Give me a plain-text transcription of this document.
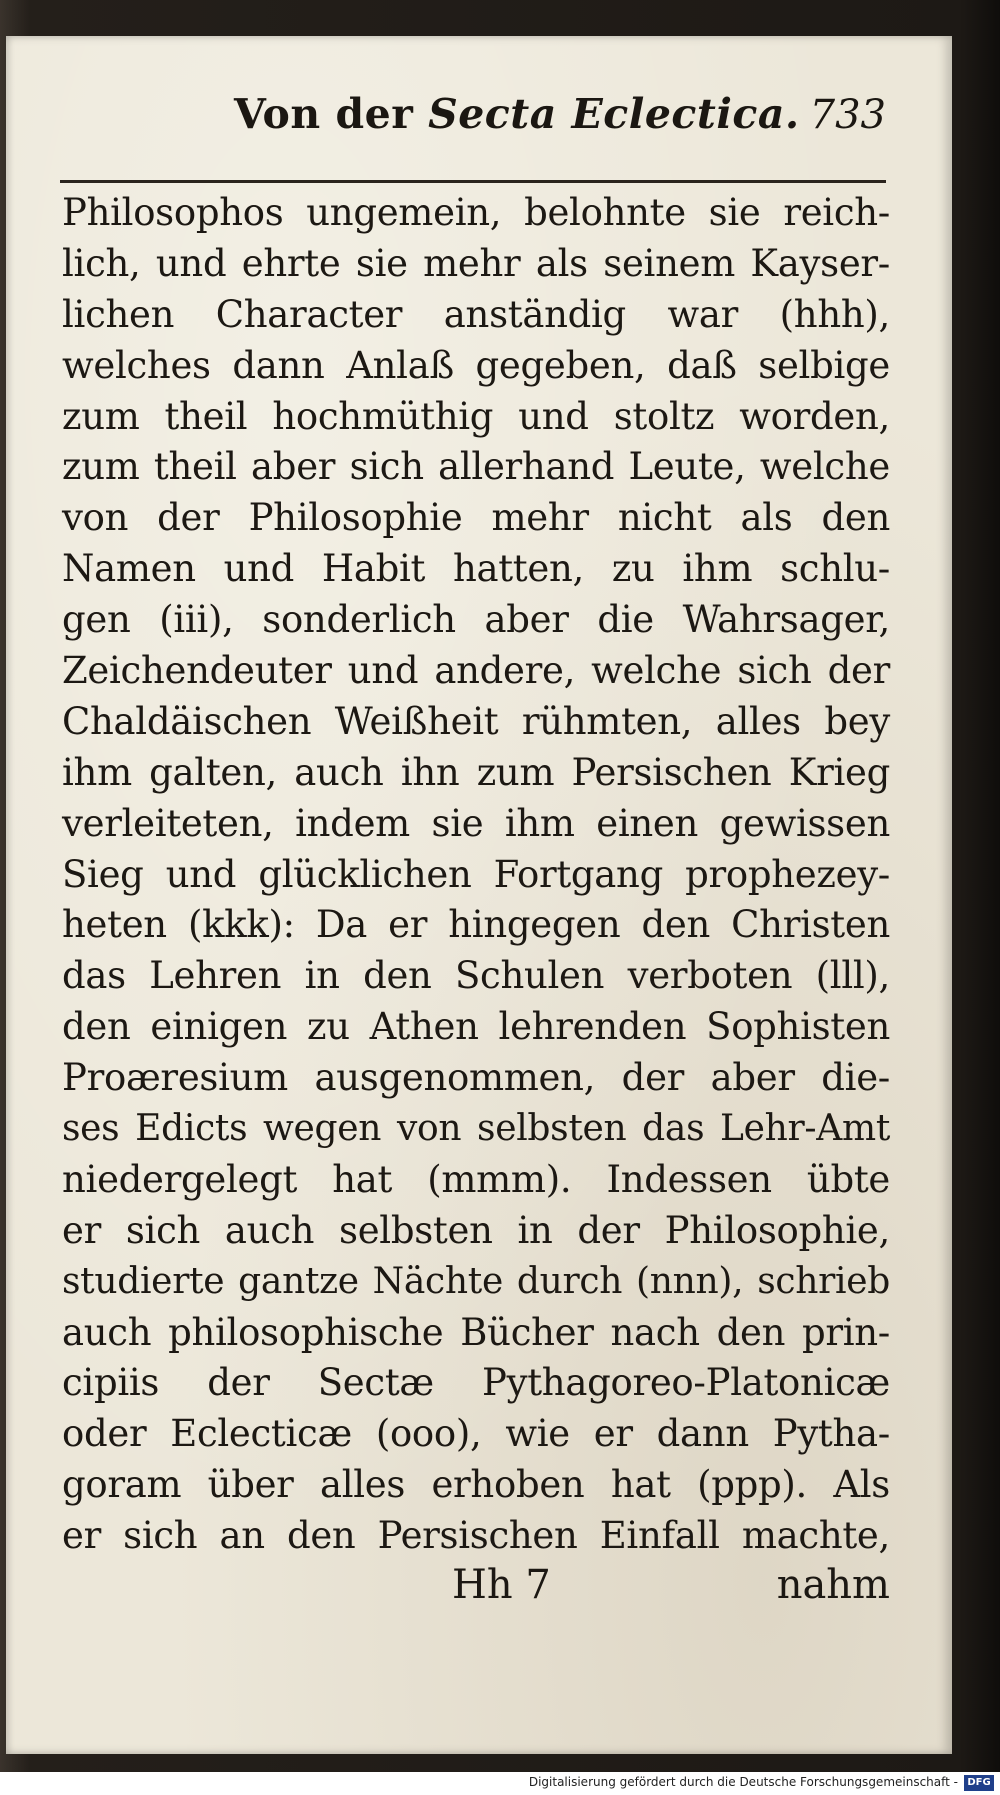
Von der Secta Eclectica. 733
Philosophos ungemein, belohnte sie reich-
lich, und ehrte sie mehr als seinem Kayser-
lichen Character anständig war (hhh),
welches dann Anlaß gegeben, daß selbige
zum theil hochmüthig und stoltz worden,
zum theil aber sich allerhand Leute, welche
von der Philosophie mehr nicht als den
Namen und Habit hatten, zu ihm schlu-
gen (iii), sonderlich aber die Wahrsager,
Zeichendeuter und andere, welche sich der
Chaldäischen Weißheit rühmten, alles bey
ihm galten, auch ihn zum Persischen Krieg
verleiteten, indem sie ihm einen gewissen
Sieg und glücklichen Fortgang prophezey-
heten (kkk): Da er hingegen den Christen
das Lehren in den Schulen verboten (lll),
den einigen zu Athen lehrenden Sophisten
Proæresium ausgenommen, der aber die-
ses Edicts wegen von selbsten das Lehr-Amt
niedergelegt hat (mmm). Indessen übte
er sich auch selbsten in der Philosophie,
studierte gantze Nächte durch (nnn), schrieb
auch philosophische Bücher nach den prin-
cipiis der Sectæ Pythagoreo-Platonicæ
oder Eclecticæ (ooo), wie er dann Pytha-
goram über alles erhoben hat (ppp). Als
er sich an den Persischen Einfall machte,
Hh 7	nahm
Digitalisierung gefördert durch die Deutsche Forschungsgemeinschaft - DFG
